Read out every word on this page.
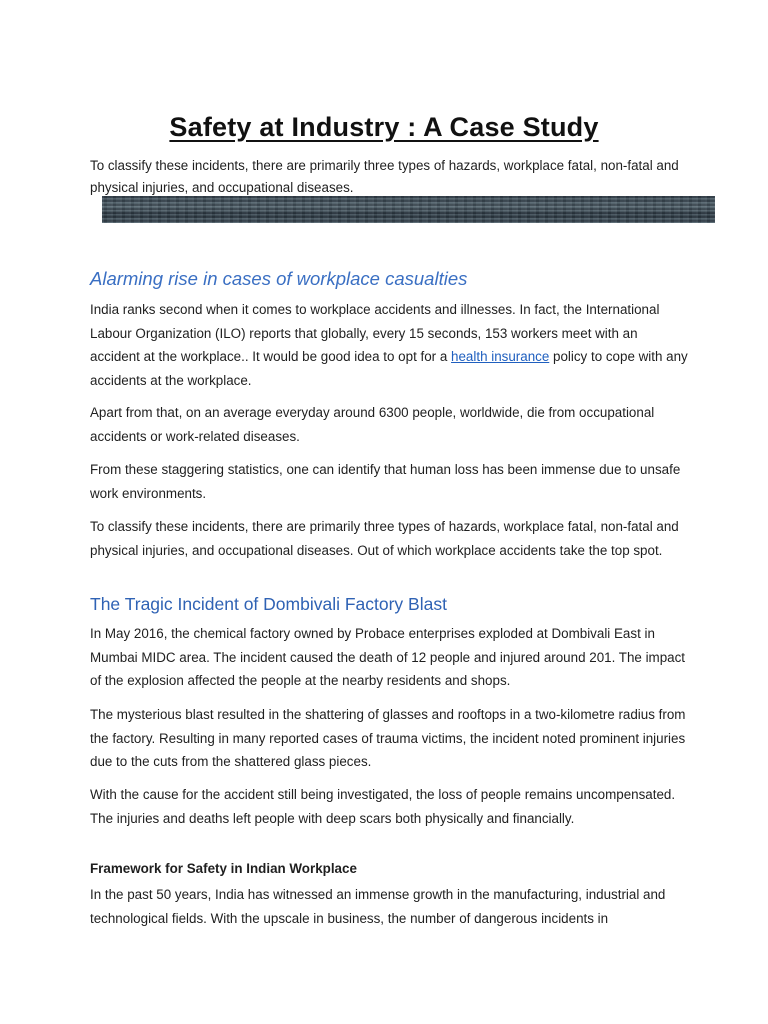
Safety at Industry : A Case Study

To classify these incidents, there are primarily three types of hazards, workplace fatal, non-fatal and physical injuries, and occupational diseases.

Alarming rise in cases of workplace casualties

India ranks second when it comes to workplace accidents and illnesses. In fact, the International Labour Organization (ILO) reports that globally, every 15 seconds, 153 workers meet with an accident at the workplace.. It would be good idea to opt for a health insurance policy to cope with any accidents at the workplace.

Apart from that, on an average everyday around 6300 people, worldwide, die from occupational accidents or work-related diseases.

From these staggering statistics, one can identify that human loss has been immense due to unsafe work environments.

To classify these incidents, there are primarily three types of hazards, workplace fatal, non-fatal and physical injuries, and occupational diseases. Out of which workplace accidents take the top spot.

The Tragic Incident of Dombivali Factory Blast

In May 2016, the chemical factory owned by Probace enterprises exploded at Dombivali East in Mumbai MIDC area. The incident caused the death of 12 people and injured around 201. The impact of the explosion affected the people at the nearby residents and shops.

The mysterious blast resulted in the shattering of glasses and rooftops in a two-kilometre radius from the factory. Resulting in many reported cases of trauma victims, the incident noted prominent injuries due to the cuts from the shattered glass pieces.

With the cause for the accident still being investigated, the loss of people remains uncompensated. The injuries and deaths left people with deep scars both physically and financially.

Framework for Safety in Indian Workplace

In the past 50 years, India has witnessed an immense growth in the manufacturing, industrial and technological fields. With the upscale in business, the number of dangerous incidents in
